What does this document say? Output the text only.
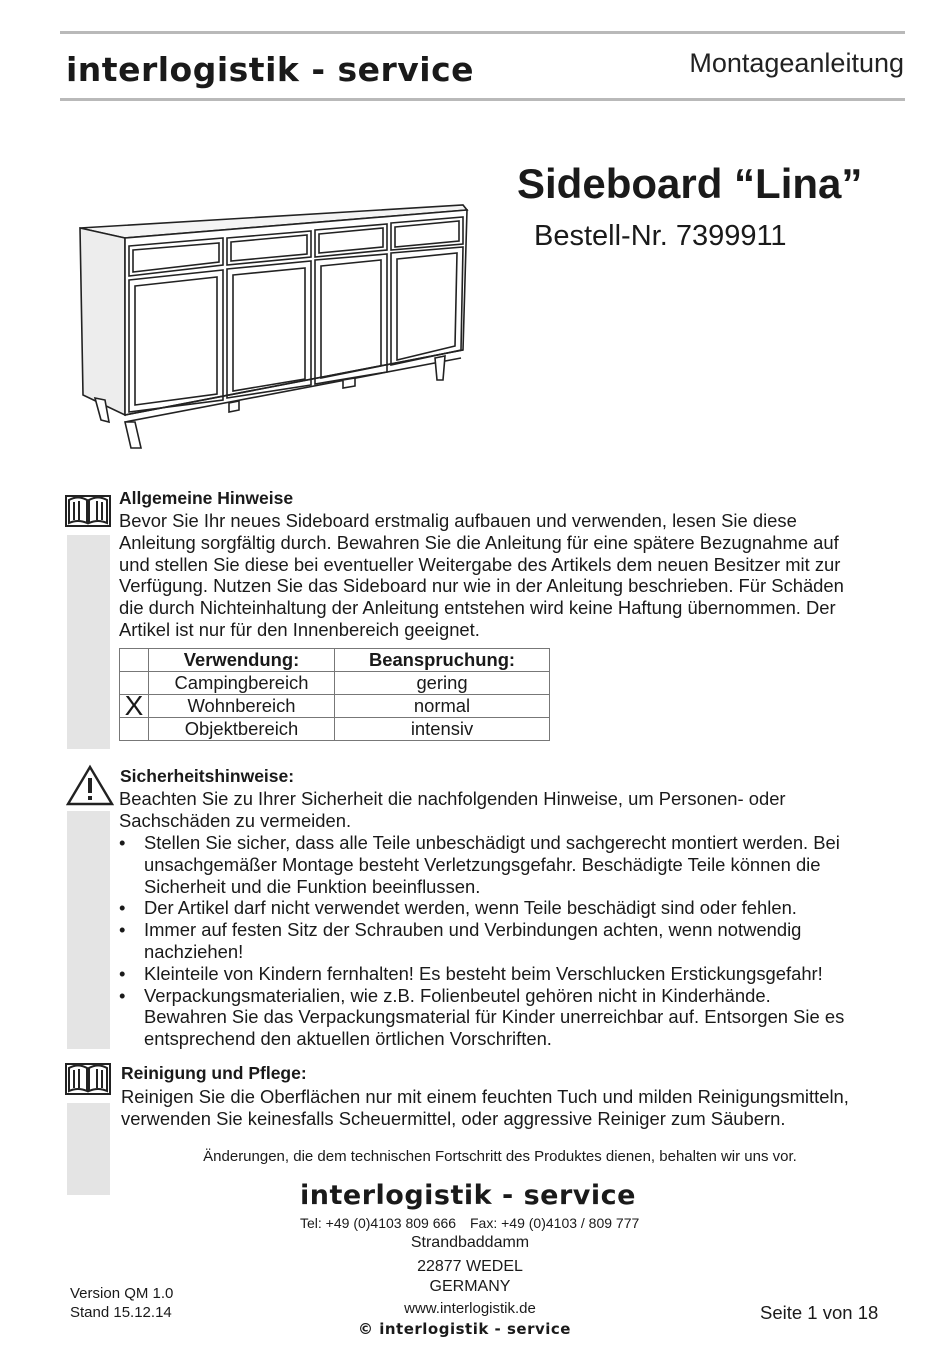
interlogistik - service	Montageanleitung
Sideboard “Lina”
Bestell-Nr. 7399911
Allgemeine Hinweise
Bevor Sie Ihr neues Sideboard erstmalig aufbauen und verwenden, lesen Sie diese
Anleitung sorgfältig durch. Bewahren Sie die Anleitung für eine spätere Bezugnahme auf
und stellen Sie diese bei eventueller Weitergabe des Artikels dem neuen Besitzer mit zur
Verfügung. Nutzen Sie das Sideboard nur wie in der Anleitung beschrieben. Für Schäden
die durch Nichteinhaltung der Anleitung entstehen wird keine Haftung übernommen. Der
Artikel ist nur für den Innenbereich geeignet.
	Verwendung:	Beanspruchung:
	Campingbereich	gering
X	Wohnbereich	normal
	Objektbereich	intensiv
Sicherheitshinweise:
Beachten Sie zu Ihrer Sicherheit die nachfolgenden Hinweise, um Personen- oder
Sachschäden zu vermeiden.
• Stellen Sie sicher, dass alle Teile unbeschädigt und sachgerecht montiert werden. Bei
unsachgemäßer Montage besteht Verletzungsgefahr. Beschädigte Teile können die
Sicherheit und die Funktion beeinflussen.
• Der Artikel darf nicht verwendet werden, wenn Teile beschädigt sind oder fehlen.
• Immer auf festen Sitz der Schrauben und Verbindungen achten, wenn notwendig
nachziehen!
• Kleinteile von Kindern fernhalten! Es besteht beim Verschlucken Erstickungsgefahr!
• Verpackungsmaterialien, wie z.B. Folienbeutel gehören nicht in Kinderhände.
Bewahren Sie das Verpackungsmaterial für Kinder unerreichbar auf. Entsorgen Sie es
entsprechend den aktuellen örtlichen Vorschriften.
Reinigung und Pflege:
Reinigen Sie die Oberflächen nur mit einem feuchten Tuch und milden Reinigungsmitteln,
verwenden Sie keinesfalls Scheuermittel, oder aggressive Reiniger zum Säubern.
Änderungen, die dem technischen Fortschritt des Produktes dienen, behalten wir uns vor.
interlogistik - service
Tel: +49 (0)4103 809 666 Fax: +49 (0)4103 / 809 777
Strandbaddamm
22877 WEDEL
GERMANY
www.interlogistik.de
© interlogistik - service
Version QM 1.0
Stand 15.12.14	Seite 1 von 18
